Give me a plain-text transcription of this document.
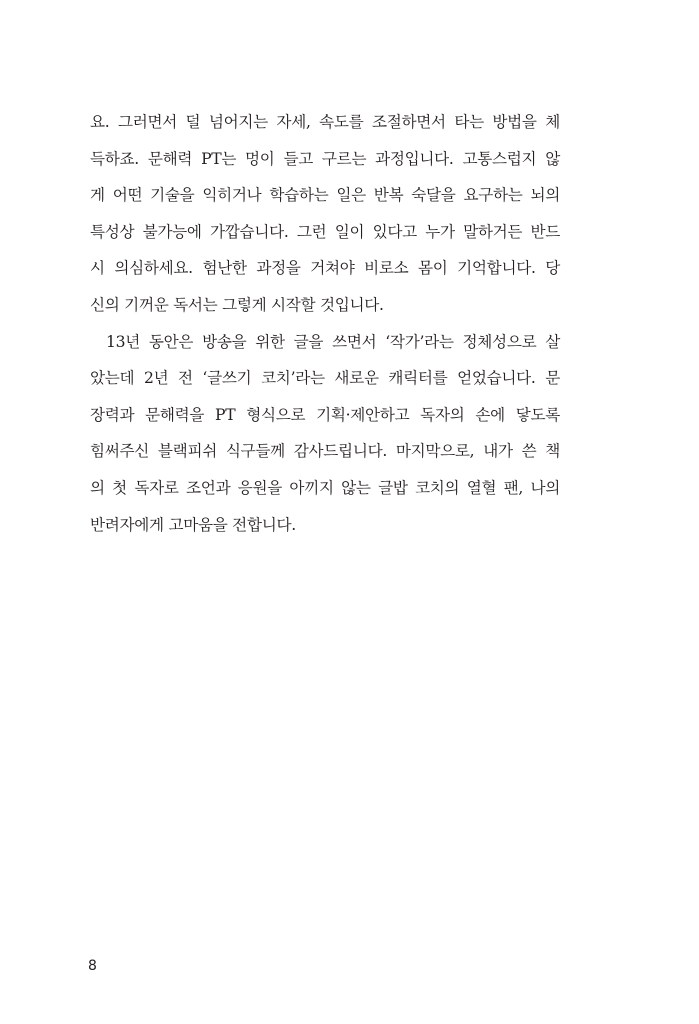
요. 그러면서 덜 넘어지는 자세, 속도를 조절하면서 타는 방법을 체
득하죠. 문해력 PT는 멍이 들고 구르는 과정입니다. 고통스럽지 않
게 어떤 기술을 익히거나 학습하는 일은 반복 숙달을 요구하는 뇌의
특성상 불가능에 가깝습니다. 그런 일이 있다고 누가 말하거든 반드
시 의심하세요. 험난한 과정을 거쳐야 비로소 몸이 기억합니다. 당
신의 기꺼운 독서는 그렇게 시작할 것입니다.
13년 동안은 방송을 위한 글을 쓰면서 ‘작가’라는 정체성으로 살
았는데 2년 전 ‘글쓰기 코치’라는 새로운 캐릭터를 얻었습니다. 문
장력과 문해력을 PT 형식으로 기획·제안하고 독자의 손에 닿도록
힘써주신 블랙피쉬 식구들께 감사드립니다. 마지막으로, 내가 쓴 책
의 첫 독자로 조언과 응원을 아끼지 않는 글밥 코치의 열혈 팬, 나의
반려자에게 고마움을 전합니다.
8
